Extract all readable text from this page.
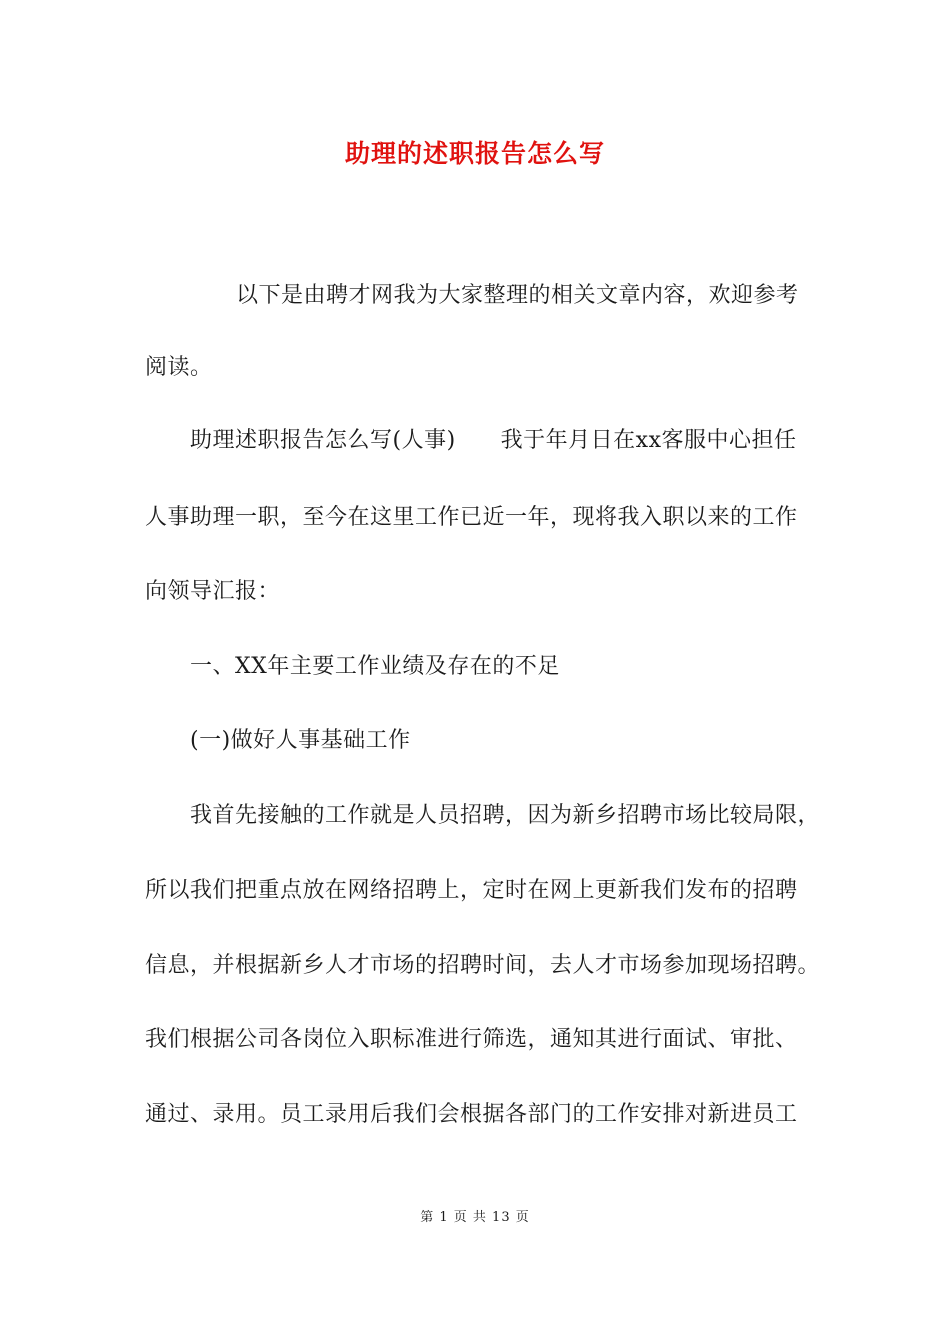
助理的述职报告怎么写
以下是由聘才网我为大家整理的相关文章内容，欢迎参考
阅读。
助理述职报告怎么写(人事)　　我于年月日在xx客服中心担任
人事助理一职，至今在这里工作已近一年，现将我入职以来的工作
向领导汇报：
一、XX年主要工作业绩及存在的不足
(一)做好人事基础工作
我首先接触的工作就是人员招聘，因为新乡招聘市场比较局限，
所以我们把重点放在网络招聘上，定时在网上更新我们发布的招聘
信息，并根据新乡人才市场的招聘时间，去人才市场参加现场招聘。
我们根据公司各岗位入职标准进行筛选，通知其进行面试、审批、
通过、录用。员工录用后我们会根据各部门的工作安排对新进员工
第 1 页 共 13 页
